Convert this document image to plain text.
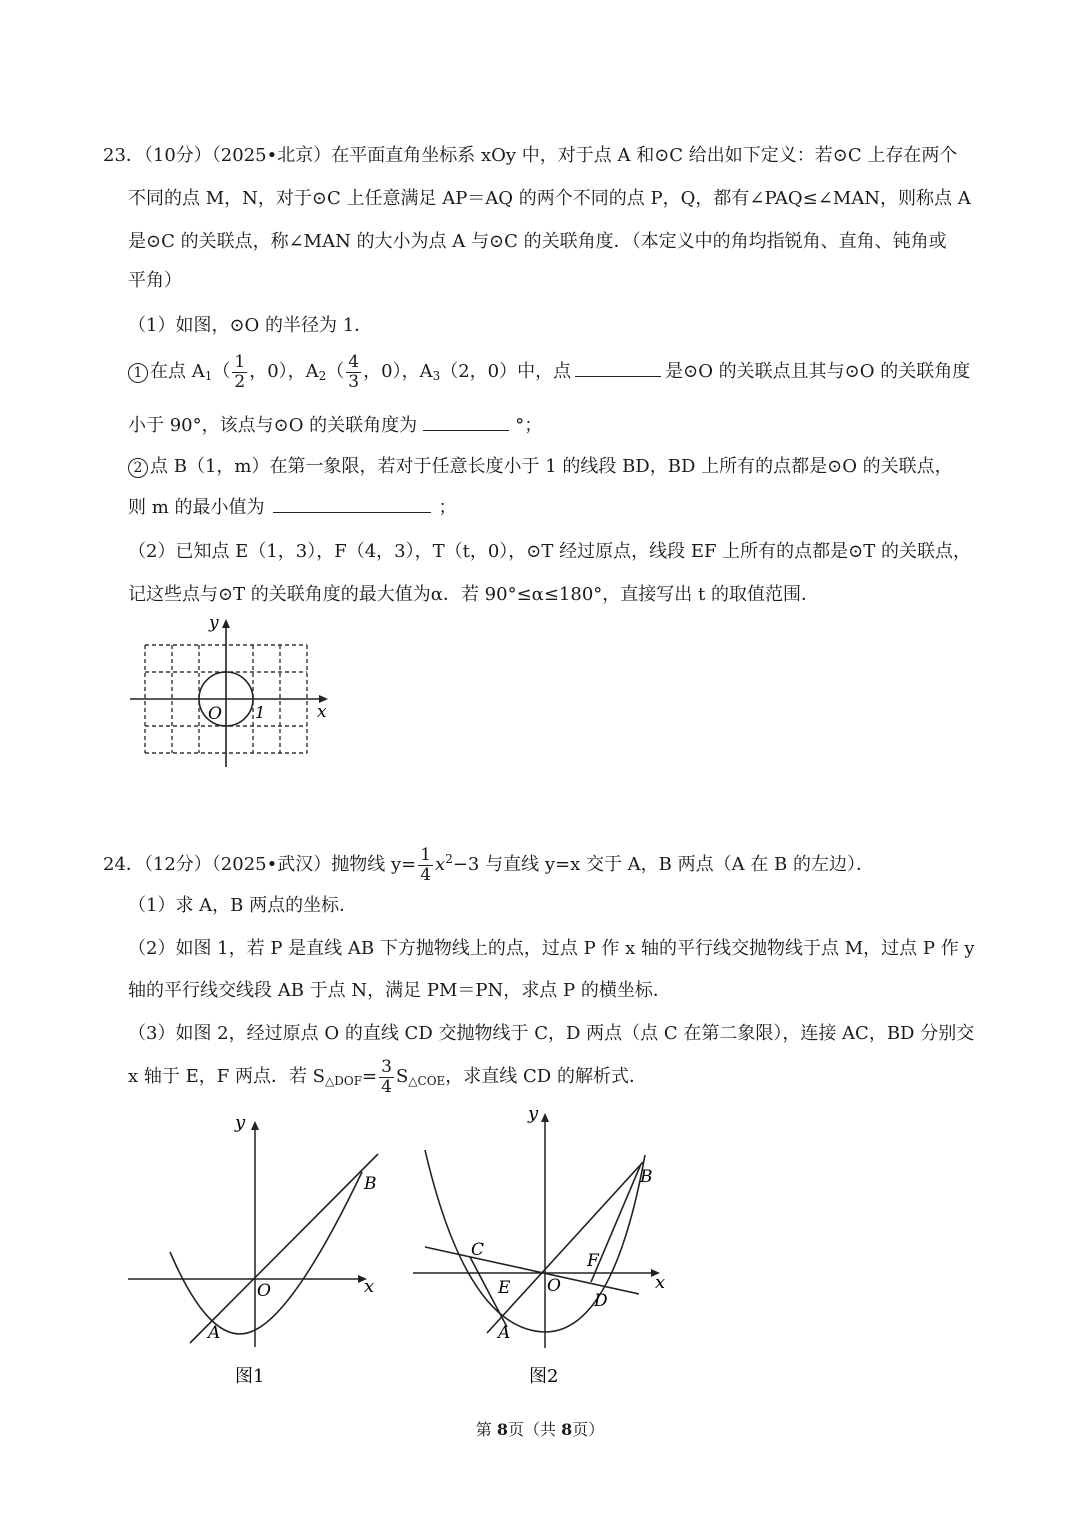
23．（10分）（2025•北京）在平面直角坐标系 xOy 中，对于点 A 和⊙C 给出如下定义：若⊙C 上存在两个
不同的点 M，N，对于⊙C 上任意满足 AP＝AQ 的两个不同的点 P，Q，都有∠PAQ≤∠MAN，则称点 A
是⊙C 的关联点，称∠MAN 的大小为点 A 与⊙C 的关联角度．（本定义中的角均指锐角、直角、钝角或
平角）
（1）如图，⊙O 的半径为 1．
1 在点 $A_1( \frac{1}{2}$ ，0），$A_2( \frac{4}{3}$ ，0），$A_3(2$，0）中，点	是⊙O 的关联点且其与⊙O 的关联角度
小于 90°，该点与⊙O 的关联角度为	°；
2 点 B（1，m）在第一象限，若对于任意长度小于 1 的线段 BD，BD 上所有的点都是⊙O 的关联点，
则 m 的最小值为	；
（2）已知点 E（1，3），F（4，3），T（t，0），⊙T 经过原点，线段 EF 上所有的点都是⊙T 的关联点，
记这些点与⊙T 的关联角度的最大值为α．若 90°≤α≤180°，直接写出 t 的取值范围．
y
x
O 1
24．（12分）（2025•武汉）抛物线 $y= \frac{1}{4} x^2-3$ 与直线 y=x 交于 A，B 两点（A 在 B 的左边）．
（1）求 A，B 两点的坐标．
（2）如图 1，若 P 是直线 AB 下方抛物线上的点，过点 P 作 x 轴的平行线交抛物线于点 M，过点 P 作 y
轴的平行线交线段 AB 于点 N，满足 PM＝PN，求点 P 的横坐标．
（3）如图 2，经过原点 O 的直线 CD 交抛物线于 C，D 两点（点 C 在第二象限），连接 AC，BD 分别交
x 轴于 E，F 两点．若 $S_{\triangle DOF}= \frac{3}{4} S_{\triangle COE}$，求直线 CD 的解析式．
y
x
O
A
B
图1
y
x
O
A
B
C
D
E
F
图2
第 8页（共 8页）
